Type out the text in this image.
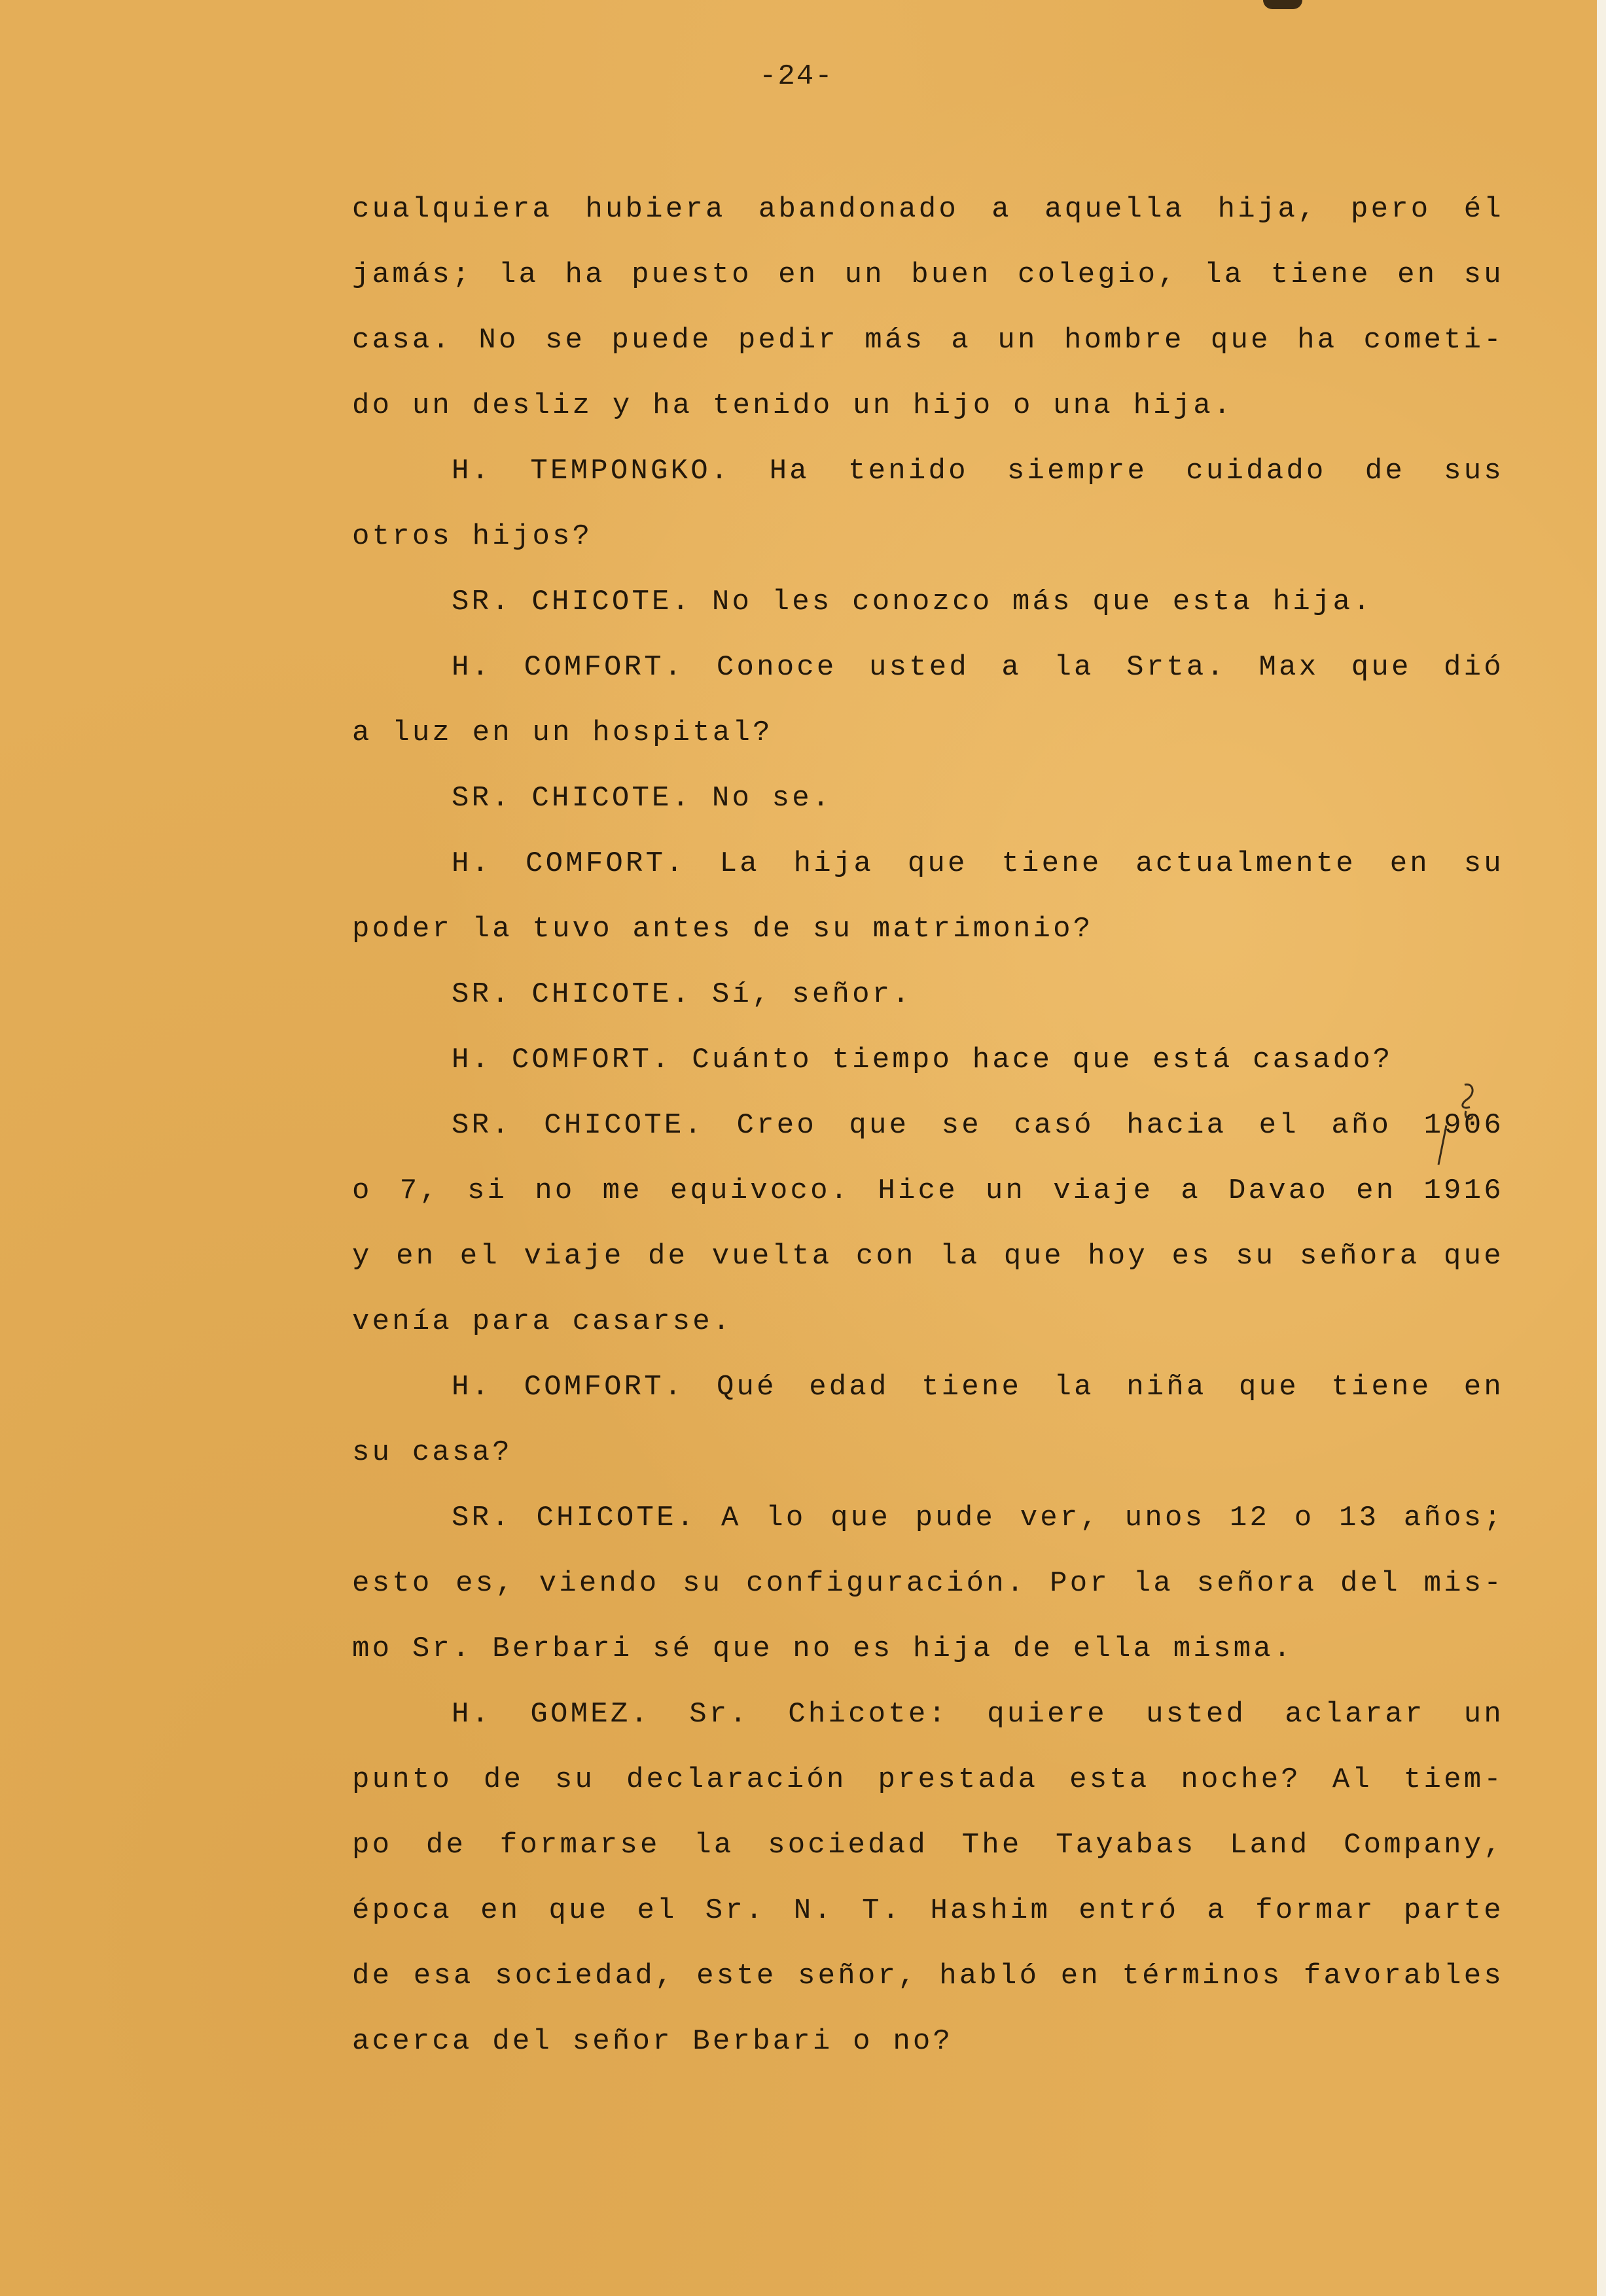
-24-
cualquiera hubiera abandonado a aquella hija, pero él
jamás; la ha puesto en un buen colegio, la tiene en su
casa. No se puede pedir más a un hombre que ha cometi-
do un desliz y ha tenido un hijo o una hija.
H. TEMPONGKO. Ha tenido siempre cuidado de sus
otros hijos?
SR. CHICOTE. No les conozco más que esta hija.
H. COMFORT. Conoce usted a la Srta. Max que dió
a luz en un hospital?
SR. CHICOTE. No se.
H. COMFORT. La hija que tiene actualmente en su
poder la tuvo antes de su matrimonio?
SR. CHICOTE. Sí, señor.
H. COMFORT. Cuánto tiempo hace que está casado?
SR. CHICOTE. Creo que se casó hacia el año 1906
o 7, si no me equivoco. Hice un viaje a Davao en 1916
y en el viaje de vuelta con la que hoy es su señora que
venía para casarse.
H. COMFORT. Qué edad tiene la niña que tiene en
su casa?
SR. CHICOTE. A lo que pude ver, unos 12 o 13 años;
esto es, viendo su configuración. Por la señora del mis-
mo Sr. Berbari sé que no es hija de ella misma.
H. GOMEZ. Sr. Chicote: quiere usted aclarar un
punto de su declaración prestada esta noche? Al tiem-
po de formarse la sociedad The Tayabas Land Company,
época en que el Sr. N. T. Hashim entró a formar parte
de esa sociedad, este señor, habló en términos favorables
acerca del señor Berbari o no?
